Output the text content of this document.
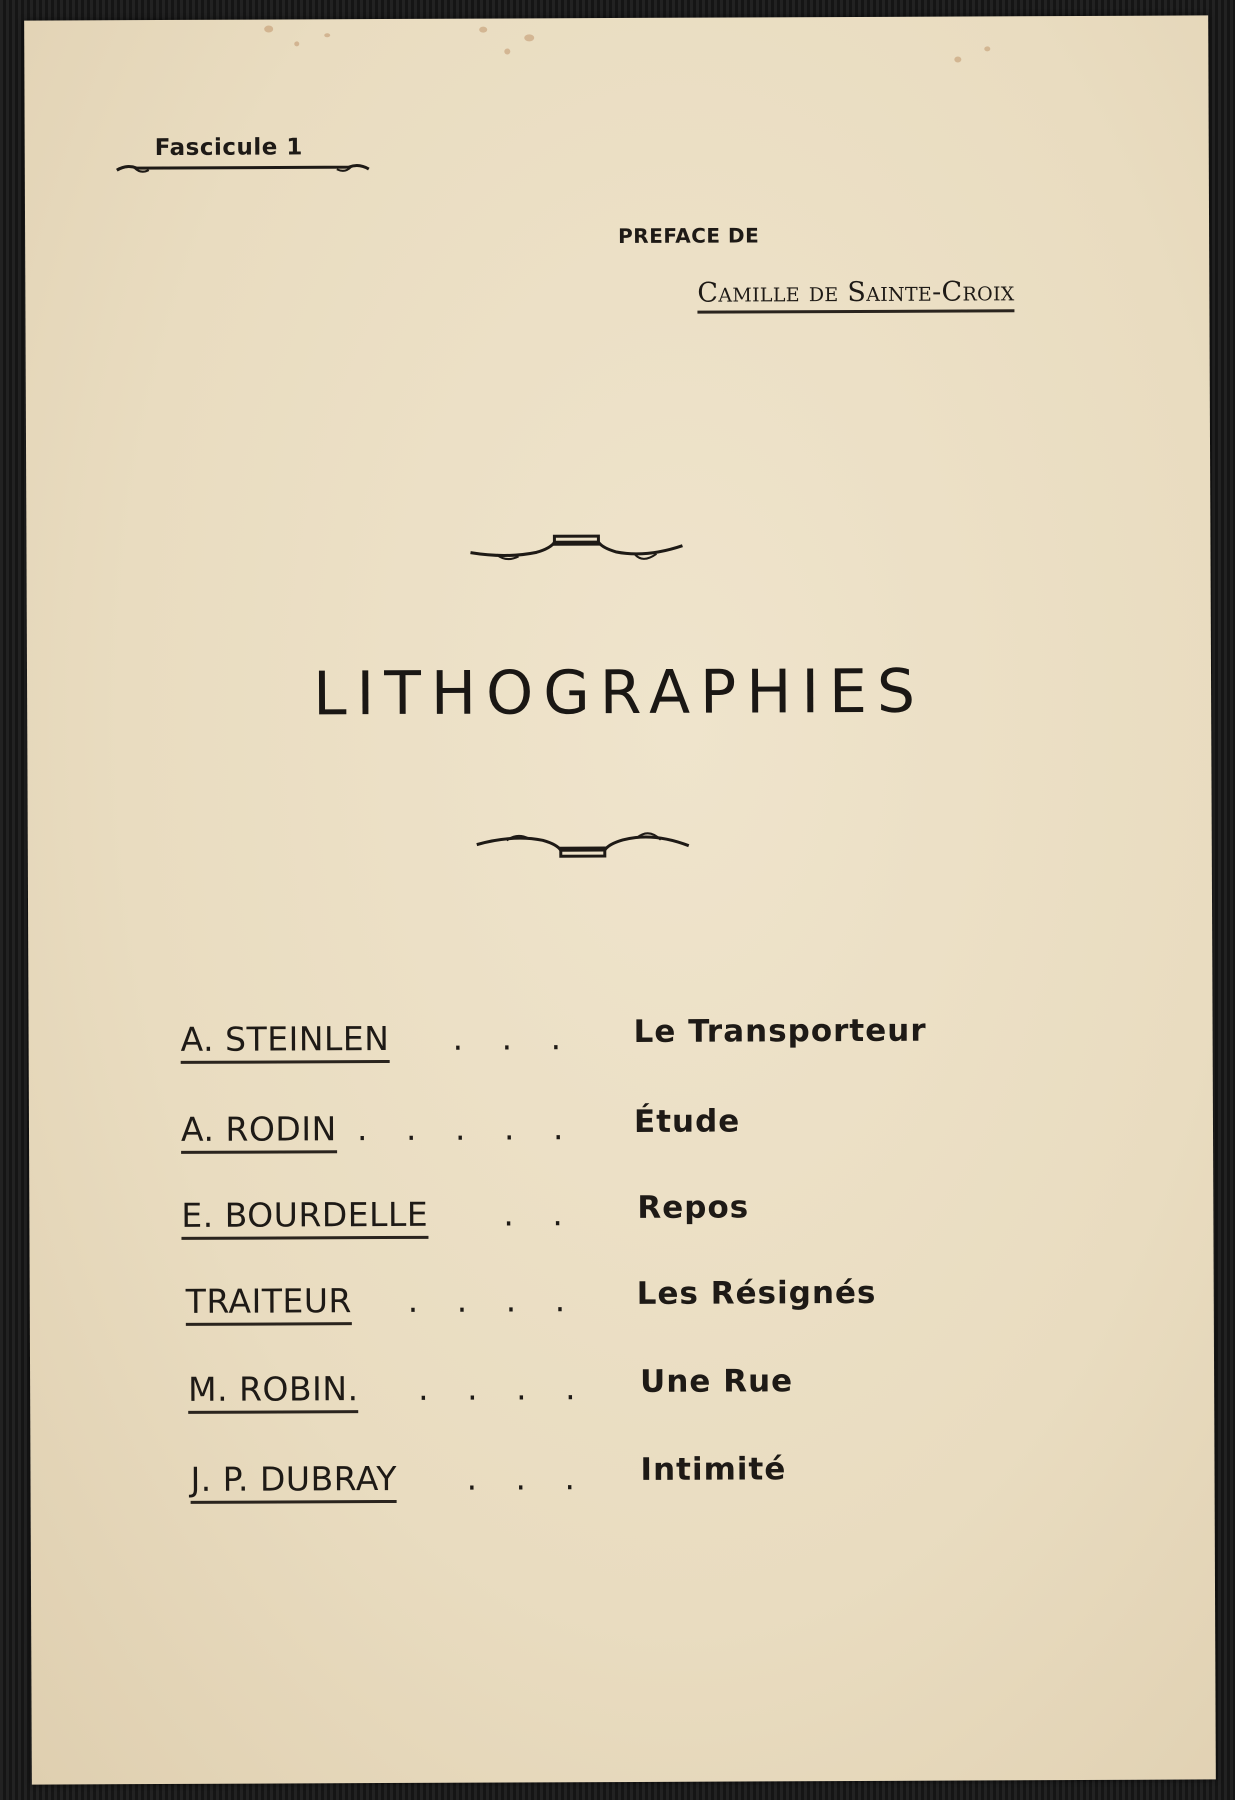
Fascicule 1
PREFACE DE
Camille de Sainte-Croix
LITHOGRAPHIES
A. STEINLEN . . . Le Transporteur
A. RODIN . . . . . Étude
E. BOURDELLE . . Repos
TRAITEUR . . . . Les Résignés
M. ROBIN. . . . . Une Rue
J. P. DUBRAY . . . Intimité
